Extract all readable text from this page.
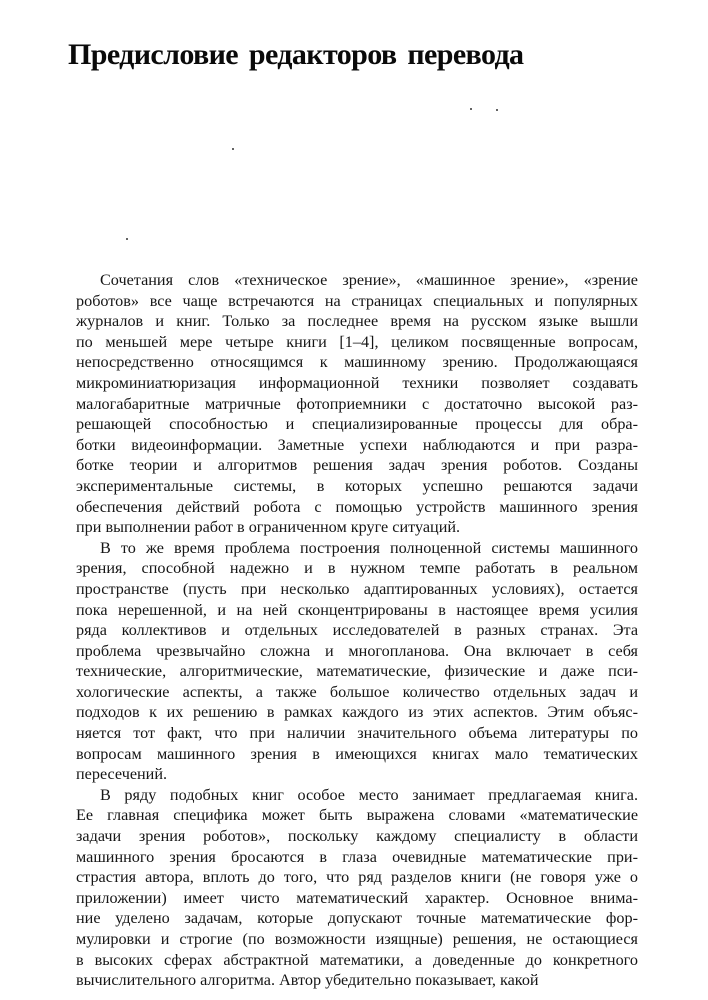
Предисловие редакторов перевода

Сочетания слов «техническое зрение», «машинное зрение», «зрение
роботов» все чаще встречаются на страницах специальных и популярных
журналов и книг. Только за последнее время на русском языке вышли
по меньшей мере четыре книги [1–4], целиком посвященные вопросам,
непосредственно относящимся к машинному зрению. Продолжающаяся
микроминиатюризация информационной техники позволяет создавать
малогабаритные матричные фотоприемники с достаточно высокой раз-
решающей способностью и специализированные процессы для обра-
ботки видеоинформации. Заметные успехи наблюдаются и при разра-
ботке теории и алгоритмов решения задач зрения роботов. Созданы
экспериментальные системы, в которых успешно решаются задачи
обеспечения действий робота с помощью устройств машинного зрения
при выполнении работ в ограниченном круге ситуаций.

В то же время проблема построения полноценной системы машинного
зрения, способной надежно и в нужном темпе работать в реальном
пространстве (пусть при несколько адаптированных условиях), остается
пока нерешенной, и на ней сконцентрированы в настоящее время усилия
ряда коллективов и отдельных исследователей в разных странах. Эта
проблема чрезвычайно сложна и многопланова. Она включает в себя
технические, алгоритмические, математические, физические и даже пси-
хологические аспекты, а также большое количество отдельных задач и
подходов к их решению в рамках каждого из этих аспектов. Этим объяс-
няется тот факт, что при наличии значительного объема литературы по
вопросам машинного зрения в имеющихся книгах мало тематических
пересечений.

В ряду подобных книг особое место занимает предлагаемая книга.
Ее главная специфика может быть выражена словами «математические
задачи зрения роботов», поскольку каждому специалисту в области
машинного зрения бросаются в глаза очевидные математические при-
страстия автора, вплоть до того, что ряд разделов книги (не говоря уже о
приложении) имеет чисто математический характер. Основное внима-
ние уделено задачам, которые допускают точные математические фор-
мулировки и строгие (по возможности изящные) решения, не остающиеся
в высоких сферах абстрактной математики, а доведенные до конкретного
вычислительного алгоритма. Автор убедительно показывает, какой
